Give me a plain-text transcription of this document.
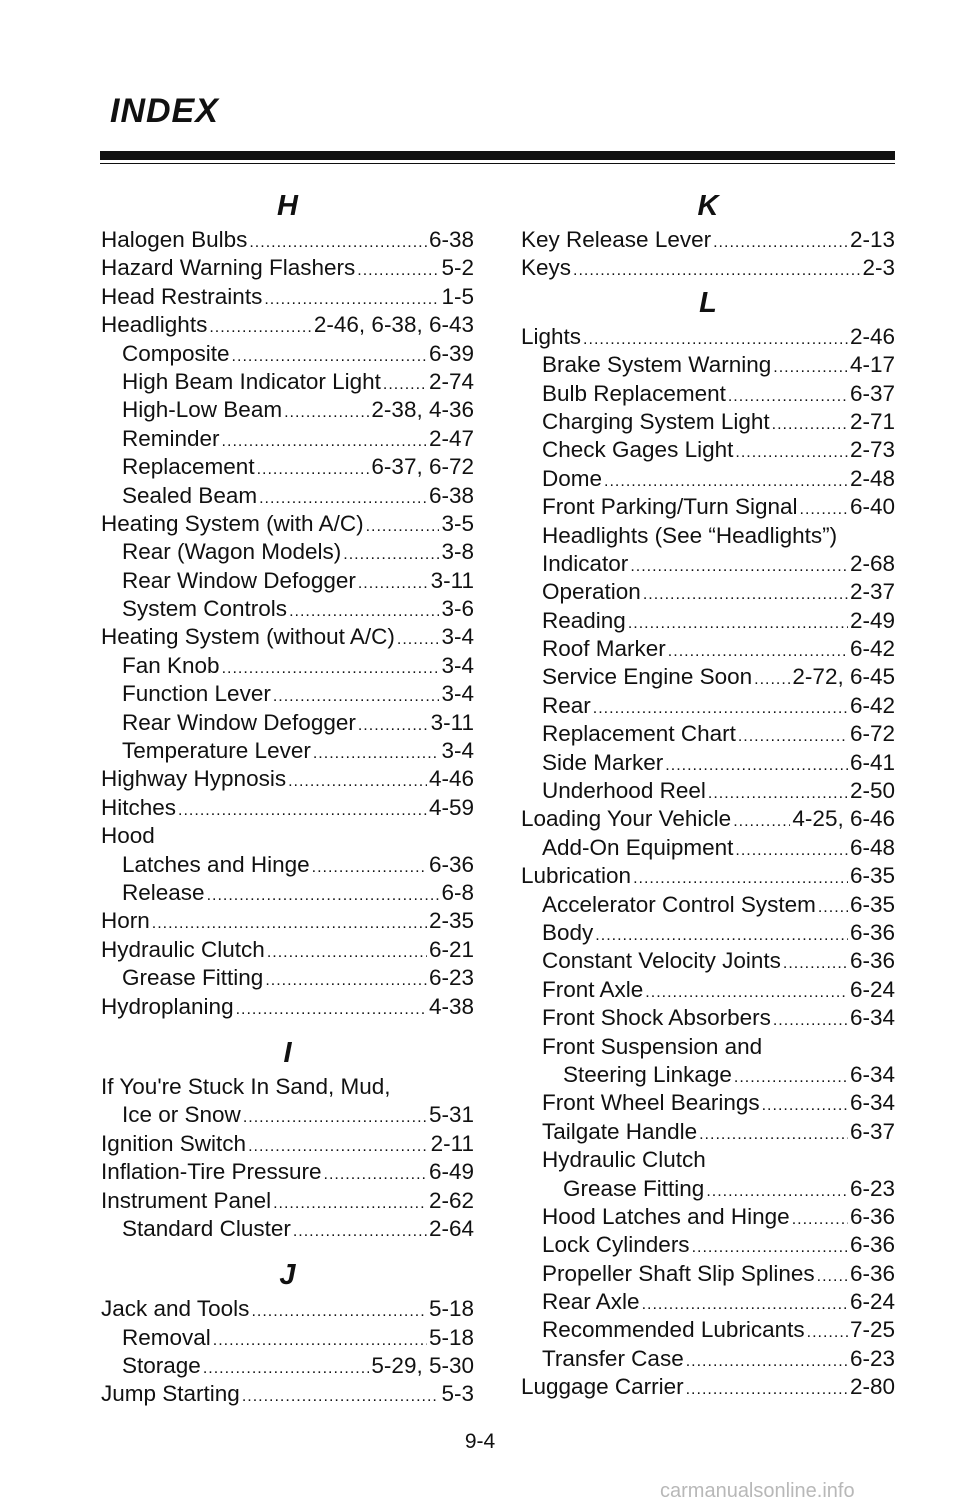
INDEX
H
Halogen Bulbs .....	6-38
Hazard Warning Flashers .....	5-2
Head Restraints .....	1-5
Headlights .....	2-46, 6-38, 6-43
Composite .....	6-39
High Beam Indicator Light ..... 2-74
High-Low Beam .....	2-38, 4-36
Reminder .....	2-47
Replacement .....	6-37, 6-72
Sealed Beam .....	6-38
Heating System (with A/C) .....	3-5
Rear (Wagon Models) .....	3-8
Rear Window Defogger .....	3-11
System Controls .....	3-6
Heating System (without A/C) ..... 3-4
Fan Knob .....	3-4
Function Lever .....	3-4
Rear Window Defogger .....	3-11
Temperature Lever .....	3-4
Highway Hypnosis .....	4-46
Hitches .....	4-59
Hood
Latches and Hinge .....	6-36
Release .....	6-8
Horn .....	2-35
Hydraulic Clutch .....	6-21
Grease Fitting .....	6-23
Hydroplaning .....	4-38
I
If You're Stuck In Sand, Mud,
Ice or Snow .....	5-31
Ignition Switch .....	2-11
Inflation-Tire Pressure .....	6-49
Instrument Panel .....	2-62
Standard Cluster .....	2-64
J
Jack and Tools .....	5-18
Removal .....	5-18
Storage .....	5-29, 5-30
Jump Starting .....	5-3
K
Key Release Lever .....	2-13
Keys .....	2-3
L
Lights .....	2-46
Brake System Warning .....	4-17
Bulb Replacement .....	6-37
Charging System Light .....	2-71
Check Gages Light .....	2-73
Dome .....	2-48
Front Parking/Turn Signal ..... 6-40
Headlights (See “Headlights”)
Indicator .....	2-68
Operation .....	2-37
Reading .....	2-49
Roof Marker .....	6-42
Service Engine Soon ..... 2-72, 6-45
Rear .....	6-42
Replacement Chart .....	6-72
Side Marker .....	6-41
Underhood Reel .....	2-50
Loading Your Vehicle .....	4-25, 6-46
Add-On Equipment .....	6-48
Lubrication .....	6-35
Accelerator Control System ..... 6-35
Body .....	6-36
Constant Velocity Joints .....	6-36
Front Axle .....	6-24
Front Shock Absorbers .....	6-34
Front Suspension and
Steering Linkage .....	6-34
Front Wheel Bearings .....	6-34
Tailgate Handle .....	6-37
Hydraulic Clutch
Grease Fitting .....	6-23
Hood Latches and Hinge .....	6-36
Lock Cylinders .....	6-36
Propeller Shaft Slip Splines ..... 6-36
Rear Axle .....	6-24
Recommended Lubricants ..... 7-25
Transfer Case .....	6-23
Luggage Carrier .....	2-80
9-4
carmanualsonline.info
